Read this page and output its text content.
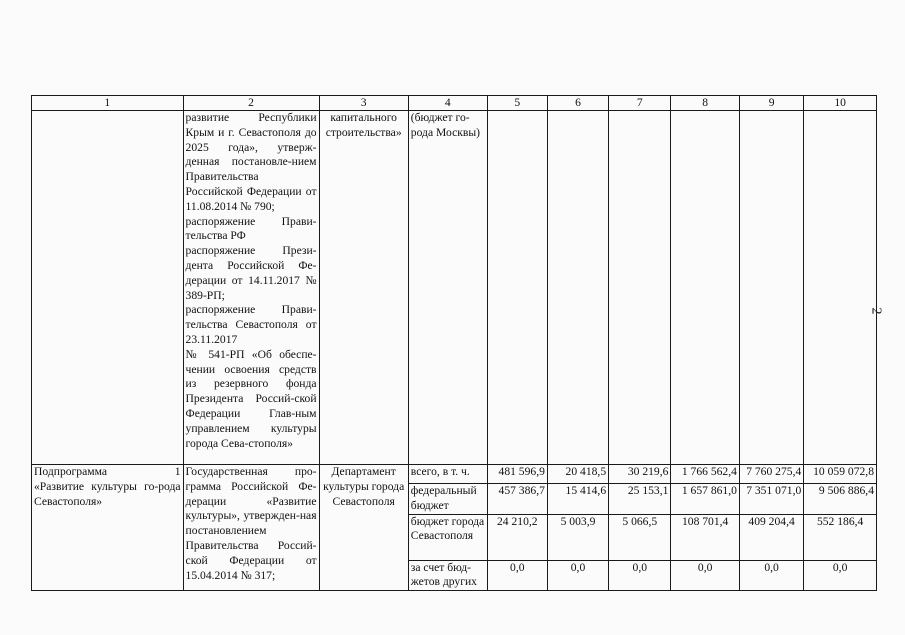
1	2	3	4	5	6	7	8	9	10

	развитие Республики Крым и г. Севастополя до 2025 года», утверж-денная постановле-нием Правительства Российской Федерации от 11.08.2014 № 790;
распоряжение Прави-тельства РФ
распоряжение Прези-дента Российской Фе-дерации от 14.11.2017 № 389-РП;
распоряжение Прави-тельства Севастополя от 23.11.2017
№ 541-РП «Об обеспе-чении освоения средств из резервного фонда Президента Россий-ской Федерации Глав-ным управлением культуры города Сева-стополя»	капитального строительства»	(бюджет го-рода Москвы)						

Подпрограмма 1
«Развитие культуры го-рода Севастополя»	Государственная про-грамма Российской Фе-дерации «Развитие культуры», утвержден-ная постановлением Правительства Россий-ской Федерации от 15.04.2014 № 317;	Департамент культуры города Севастополя	всего, в т. ч.	481 596,9	20 418,5	30 219,6	1 766 562,4	7 760 275,4	10 059 072,8
			федеральный бюджет	457 386,7	15 414,6	25 153,1	1 657 861,0	7 351 071,0	9 506 886,4
			бюджет города Севастополя	24 210,2	5 003,9	5 066,5	108 701,4	409 204,4	552 186,4
			за счет бюд-жетов других	0,0	0,0	0,0	0,0	0,0	0,0
2
